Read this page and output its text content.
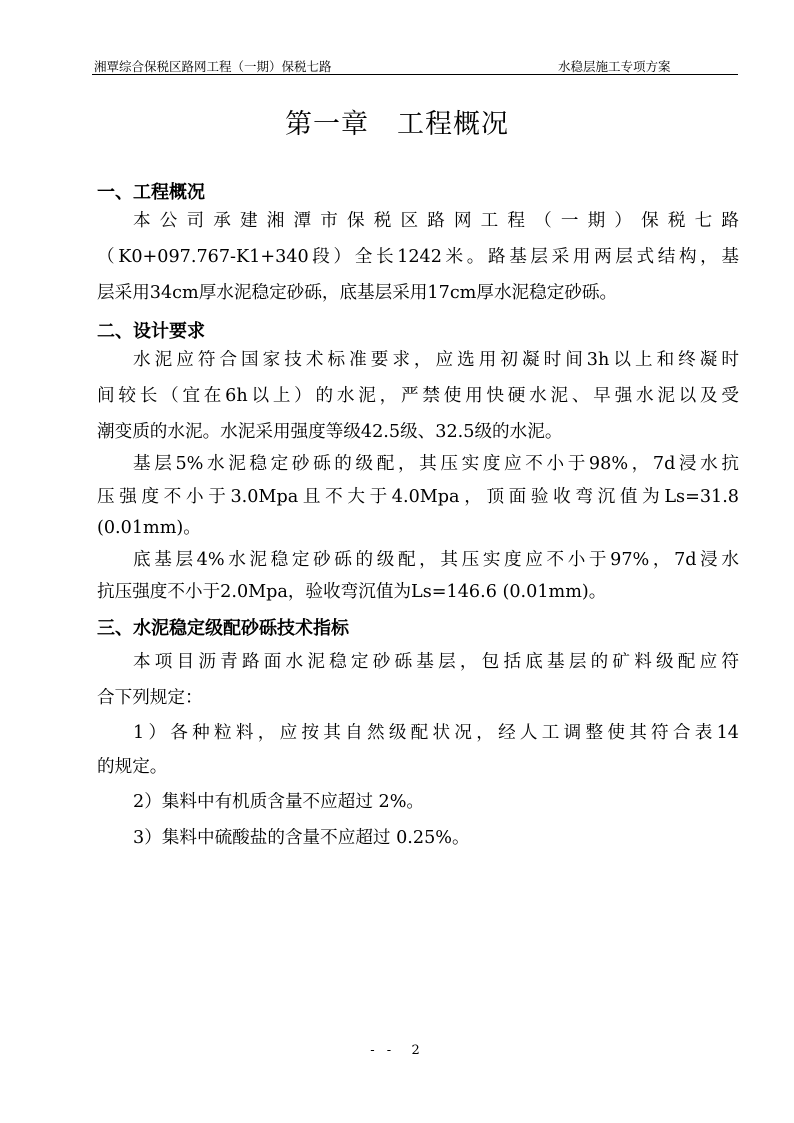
湘覃综合保税区路网工程（一期）保税七路	水稳层施工专项方案
第一章　工程概况
一、工程概况
本公司承建湘潭市保税区路网工程（一期）保税七路
（K0+097.767-K1+340段）全长1242米。路基层采用两层式结构，基
层采用34cm厚水泥稳定砂砾，底基层采用17cm厚水泥稳定砂砾。
二、设计要求
水泥应符合国家技术标准要求，应选用初凝时间3h以上和终凝时
间较长（宜在6h以上）的水泥，严禁使用快硬水泥、早强水泥以及受
潮变质的水泥。水泥采用强度等级42.5级、32.5级的水泥。
基层5%水泥稳定砂砾的级配，其压实度应不小于98%，7d浸水抗
压强度不小于3.0Mpa且不大于4.0Mpa，顶面验收弯沉值为Ls=31.8
(0.01mm)。
底基层4%水泥稳定砂砾的级配，其压实度应不小于97%，7d浸水
抗压强度不小于2.0Mpa，验收弯沉值为Ls=146.6 (0.01mm)。
三、水泥稳定级配砂砾技术指标
本项目沥青路面水泥稳定砂砾基层，包括底基层的矿料级配应符
合下列规定：
1）各种粒料，应按其自然级配状况，经人工调整使其符合表14
的规定。
2）集料中有机质含量不应超过 2%。
3）集料中硫酸盐的含量不应超过 0.25%。
- -  2
